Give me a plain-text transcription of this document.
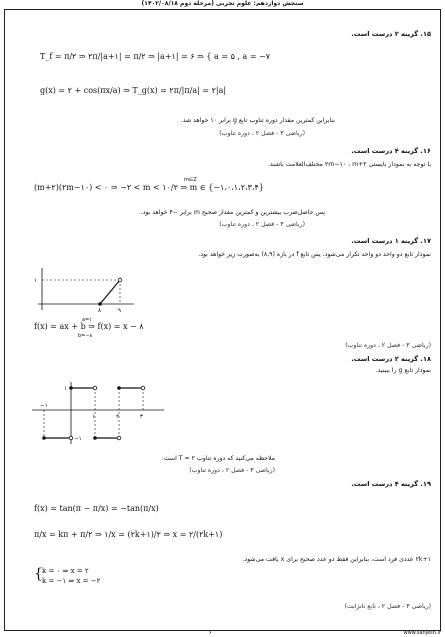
سنجش دوازدهم: علوم تجربی (مرحله دوم ۱۴۰۲/۰۸/۱۸)
۱۵. گزینه ۲ درست است.
T_f = π/۲ ⇒ ۲π/|a+۱| = π/۲ ⇒ |a+۱| = ۶ ⇒ { a = ۵ , a = −۷
g(x) = ۲ + cos(πx/a) ⇒ T_g(x) = ۲π/|π/a| = ۲|a|
بنابراین کمترین مقدار دوره تناوب تابع g برابر ۱۰ خواهد شد.
(ریاضی ۳ - فصل ۲ ، دوره تناوب)
۱۶. گزینه ۴ درست است.
با توجه به نمودار بایستی ۲m−۱۰ ، m+۲ مختلف‌العلامت باشند.
m∈Z
(m+۲)(۲m−۱۰) < ۰ ⇒ −۲ < m < ۱۰/۲ ⇒ m ∈ {−۱،۰،۱،۲،۳،۴}
پس حاصل‌ضرب بیشترین و کمترین مقدار صحیح m برابر −۴ خواهد بود.
(ریاضی ۳ - فصل ۲ ، دوره تناوب)
۱۷. گزینه ۱ درست است.
نمودار تابع دو واحد دو واحد تکرار می‌شود، پس تابع f در بازه (۸,۹) به‌صورت زیر خواهد بود.
۱
۸	۹
a=۱
f(x) = ax + b ⇒ f(x) = x − ۸
b=−۸
(ریاضی ۳ - فصل ۲ ، دوره تناوب)
۱۸. گزینه ۲ درست است.
نمودار تابع g را ببینید.
۱
−۱
−۱
۱	۲	۳
ملاحظه می‌کنید که دوره تناوب T = ۲ است.
(ریاضی ۳ - فصل ۲ ، دوره تناوب)
۱۹. گزینه ۴ درست است.
f(x) = tan(π − π/x) = −tan(π/x)
π/x = kπ + π/۲ ⇒ ۱/x = (۲k+۱)/۲ ⇒ x = ۲/(۲k+۱)
۲k+۱ عددی فرد است، بنابراین فقط دو عدد صحیح برای x یافت می‌شود.
{ k = ۰ ⇒ x = ۲
k = −۱ ⇒ x = −۲
(ریاضی ۳ - فصل ۲ ، تابع تانژانت)
۶	www.sanjesh.ir
